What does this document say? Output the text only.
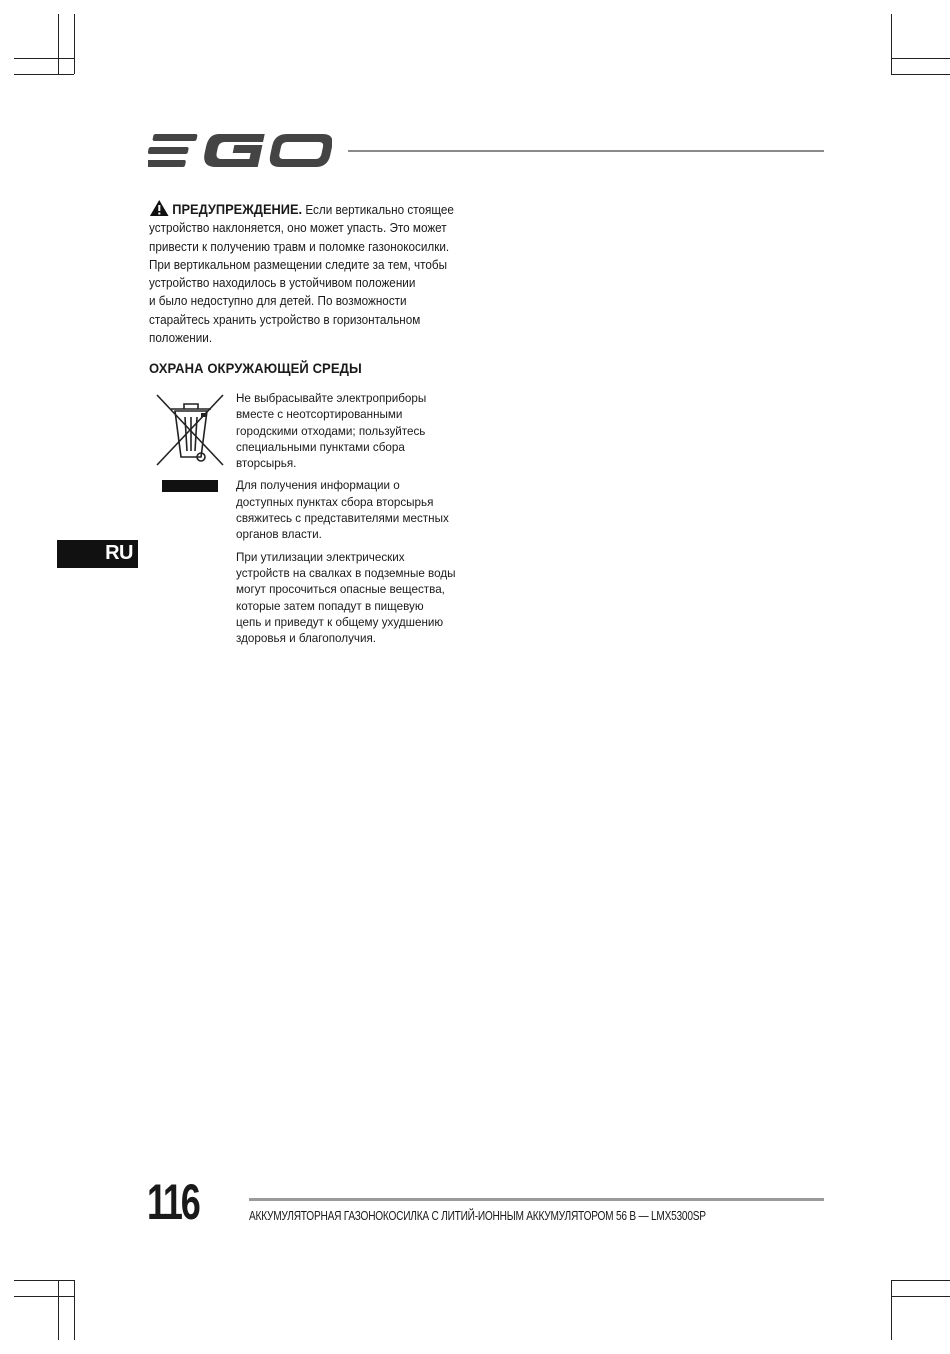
ПРЕДУПРЕЖДЕНИЕ. Если вертикально стоящее
устройство наклоняется, оно может упасть. Это может
привести к получению травм и поломке газонокосилки.
При вертикальном размещении следите за тем, чтобы
устройство находилось в устойчивом положении
и было недоступно для детей. По возможности
старайтесь хранить устройство в горизонтальном
положении.
ОХРАНА ОКРУЖАЮЩЕЙ СРЕДЫ

Не выбрасывайте электроприборы
вместе с неотсортированными
городскими отходами; пользуйтесь
специальными пунктами сбора
вторсырья.

Для получения информации о
доступных пунктах сбора вторсырья
свяжитесь с представителями местных
органов власти.

При утилизации электрических
устройств на свалках в подземные воды
могут просочиться опасные вещества,
которые затем попадут в пищевую
цепь и приведут к общему ухудшению
здоровья и благополучия.

RU
116	АККУМУЛЯТОРНАЯ ГАЗОНОКОСИЛКА С ЛИТИЙ-ИОННЫМ АККУМУЛЯТОРОМ 56 В — LMX5300SP
